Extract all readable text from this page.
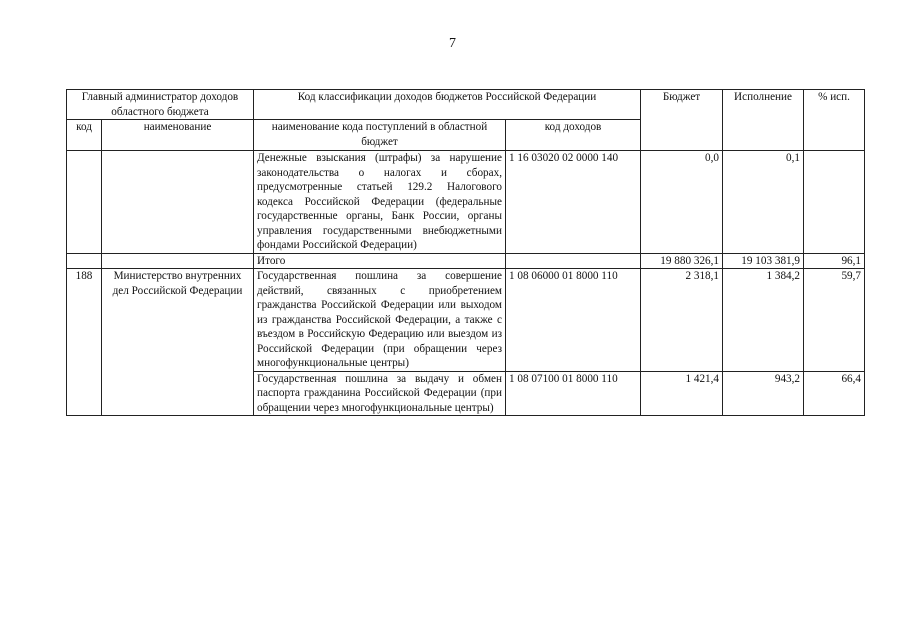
7
Главный администратор доходов областного бюджета		Код классификации доходов бюджетов Российской Федерации		Бюджет	Исполнение	% исп.
код	наименование	наименование кода поступлений в областной бюджет	код доходов			
		Денежные взыскания (штрафы) за нарушение законодательства о налогах и сборах, предусмотренные статьей 129.2 Налогового кодекса Российской Федерации (федеральные государственные органы, Банк России, органы управления государственными внебюджетными фондами Российской Федерации)	1 16 03020 02 0000 140	0,0	0,1	
		Итого		19 880 326,1	19 103 381,9	96,1
188	Министерство внутренних дел Российской Федерации	Государственная пошлина за совершение действий, связанных с приобретением гражданства Российской Федерации или выходом из гражданства Российской Федерации, а также с въездом в Российскую Федерацию или выездом из Российской Федерации (при обращении через многофункциональные центры)	1 08 06000 01 8000 110	2 318,1	1 384,2	59,7
		Государственная пошлина за выдачу и обмен паспорта гражданина Российской Федерации (при обращении через многофункциональные центры)	1 08 07100 01 8000 110	1 421,4	943,2	66,4
